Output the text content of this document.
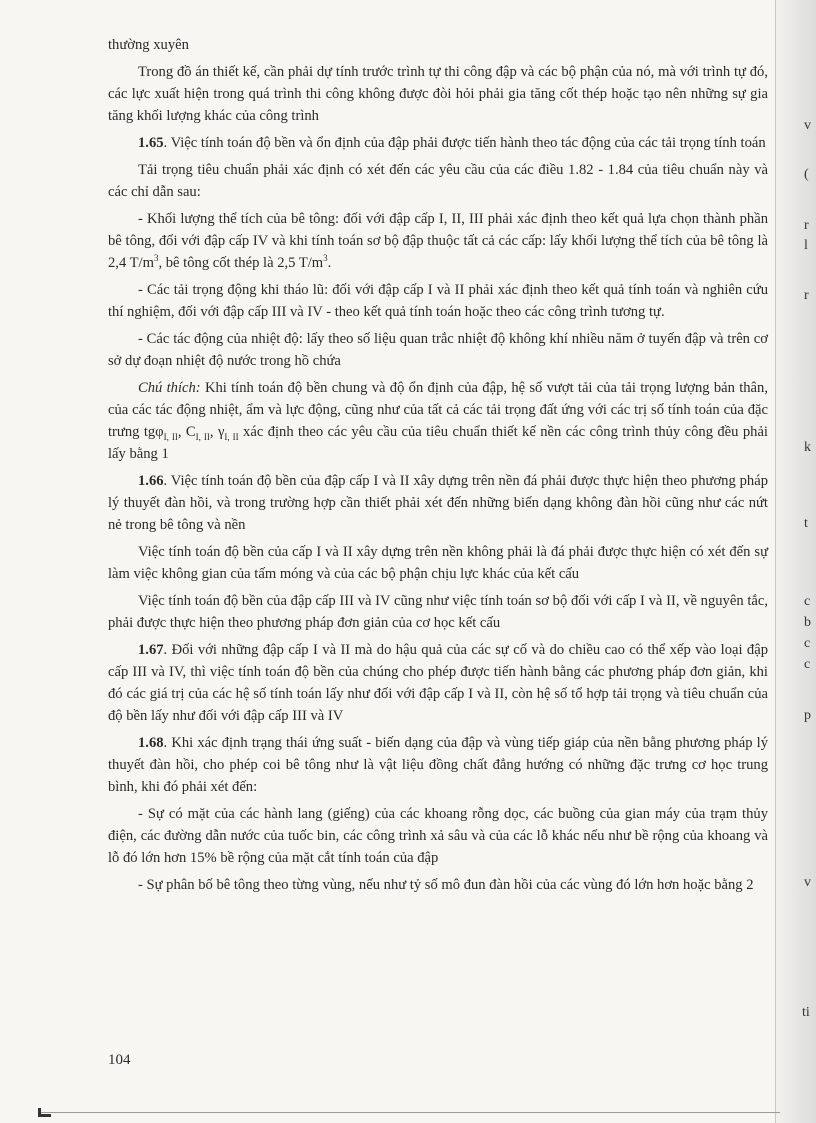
thường xuyên

Trong đồ án thiết kế, cần phải dự tính trước trình tự thi công đập và các bộ phận của nó, mà với trình tự đó, các lực xuất hiện trong quá trình thi công không được đòi hỏi phải gia tăng cốt thép hoặc tạo nên những sự gia tăng khối lượng khác của công trình

1.65. Việc tính toán độ bền và ổn định của đập phải được tiến hành theo tác động của các tải trọng tính toán

Tải trọng tiêu chuẩn phải xác định có xét đến các yêu cầu của các điều 1.82 - 1.84 của tiêu chuẩn này và các chỉ dẫn sau:

- Khối lượng thể tích của bê tông: đối với đập cấp I, II, III phải xác định theo kết quả lựa chọn thành phần bê tông, đối với đập cấp IV và khi tính toán sơ bộ đập thuộc tất cả các cấp: lấy khối lượng thể tích của bê tông là 2,4 $T/m^3$, bê tông cốt thép là 2,5 $T/m^3$.

- Các tải trọng động khi tháo lũ: đối với đập cấp I và II phải xác định theo kết quả tính toán và nghiên cứu thí nghiệm, đối với đập cấp III và IV - theo kết quả tính toán hoặc theo các công trình tương tự.

- Các tác động của nhiệt độ: lấy theo số liệu quan trắc nhiệt độ không khí nhiều năm ở tuyến đập và trên cơ sở dự đoạn nhiệt độ nước trong hồ chứa

Chú thích: Khi tính toán độ bền chung và độ ổn định của đập, hệ số vượt tải của tải trọng lượng bản thân, của các tác động nhiệt, ẩm và lực động, cũng như của tất cả các tải trọng đất ứng với các trị số tính toán của đặc trưng tgφ$_{I, II}$, $C_{I, II}$, $\gamma_{I, II}$ xác định theo các yêu cầu của tiêu chuẩn thiết kế nền các công trình thủy công đều phải lấy bằng 1

1.66. Việc tính toán độ bền của đập cấp I và II xây dựng trên nền đá phải được thực hiện theo phương pháp lý thuyết đàn hồi, và trong trường hợp cần thiết phải xét đến những biến dạng không đàn hồi cũng như các nứt nẻ trong bê tông và nền

Việc tính toán độ bền của cấp I và II xây dựng trên nền không phải là đá phải được thực hiện có xét đến sự làm việc không gian của tấm móng và của các bộ phận chịu lực khác của kết cấu

Việc tính toán độ bền của đập cấp III và IV cũng như việc tính toán sơ bộ đối với cấp I và II, về nguyên tắc, phải được thực hiện theo phương pháp đơn giản của cơ học kết cấu

1.67. Đối với những đập cấp I và II mà do hậu quả của các sự cố và do chiều cao có thể xếp vào loại đập cấp III và IV, thì việc tính toán độ bền của chúng cho phép được tiến hành bằng các phương pháp đơn giản, khi đó các giá trị của các hệ số tính toán lấy như đối với đập cấp I và II, còn hệ số tổ hợp tải trọng và tiêu chuẩn của độ bền lấy như đối với đập cấp III và IV

1.68. Khi xác định trạng thái ứng suất - biến dạng của đập và vùng tiếp giáp của nền bằng phương pháp lý thuyết đàn hồi, cho phép coi bê tông như là vật liệu đồng chất đẳng hướng có những đặc trưng cơ học trung bình, khi đó phải xét đến:

- Sự có mặt của các hành lang (giếng) của các khoang rỗng dọc, các buồng của gian máy của trạm thủy điện, các đường dẫn nước của tuốc bin, các công trình xả sâu và của các lỗ khác nếu như bề rộng của khoang và lỗ đó lớn hơn 15% bề rộng của mặt cắt tính toán của đập

- Sự phân bố bê tông theo từng vùng, nếu như tỷ số mô đun đàn hồi của các vùng đó lớn hơn hoặc bằng 2

104
v
(
r
l
r
k
t
c
b
c
c
p
v
ti
